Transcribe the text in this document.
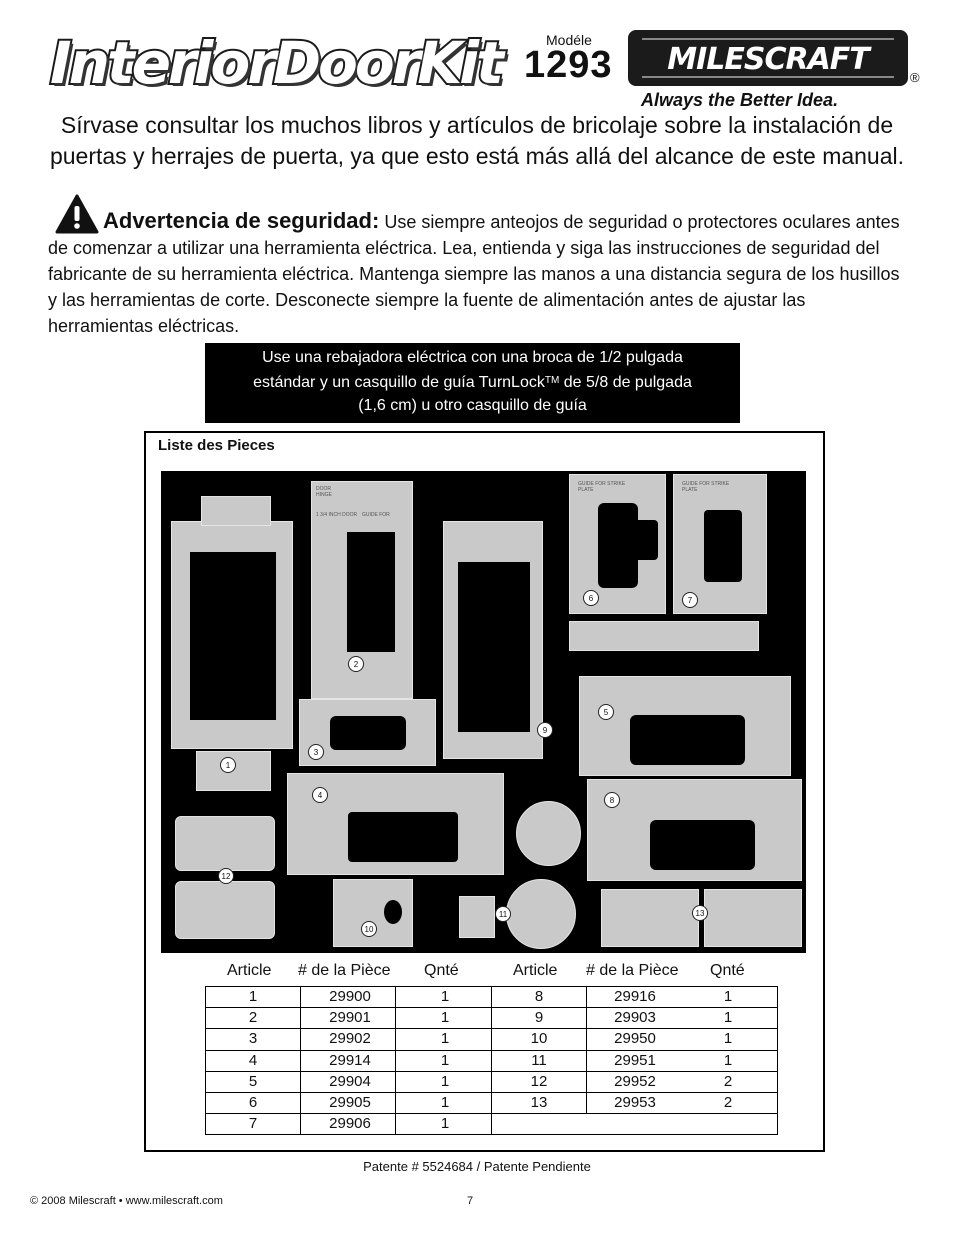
InteriorDoorKit	Modéle
1293	MILESCRAFT
®
Always the Better Idea.
Sírvase consultar los muchos libros y artículos de bricolaje sobre la instalación de puertas y herrajes de puerta, ya que esto está más allá del alcance de este manual.
Advertencia de seguridad: Use siempre anteojos de seguridad o protectores oculares antes de comenzar a utilizar una herramienta eléctrica. Lea, entienda y siga las instrucciones de seguridad del fabricante de su herramienta eléctrica. Mantenga siempre las manos a una distancia segura de los husillos y las herramientas de corte. Desconecte siempre la fuente de alimentación antes de ajustar las herramientas eléctricas.
Use una rebajadora eléctrica con una broca de 1/2 pulgada
estándar y un casquillo de guía TurnLock™ de 5/8 de pulgada
(1,6 cm) u otro casquillo de guía
Liste des Pieces
DOOR
HINGE
1 3/4 INCH DOOR GUIDE FOR
GUIDE FOR STRIKE PLATE
GUIDE FOR STRIKE PLATE
1
2
3
4
5
6	7
8
9
10
11
12
13
Article # de la Pièce Qnté	Article # de la Pièce Qnté
1	29900	1
2	29901	1
3	29902	1
4	29914	1
5	29904	1
6	29905	1
7	29906	1
8	29916	1
9	29903	1
10	29950	1
11	29951	1
12	29952	2
13	29953	2
Patente # 5524684 / Patente Pendiente
© 2008 Milescraft • www.milescraft.com	7
